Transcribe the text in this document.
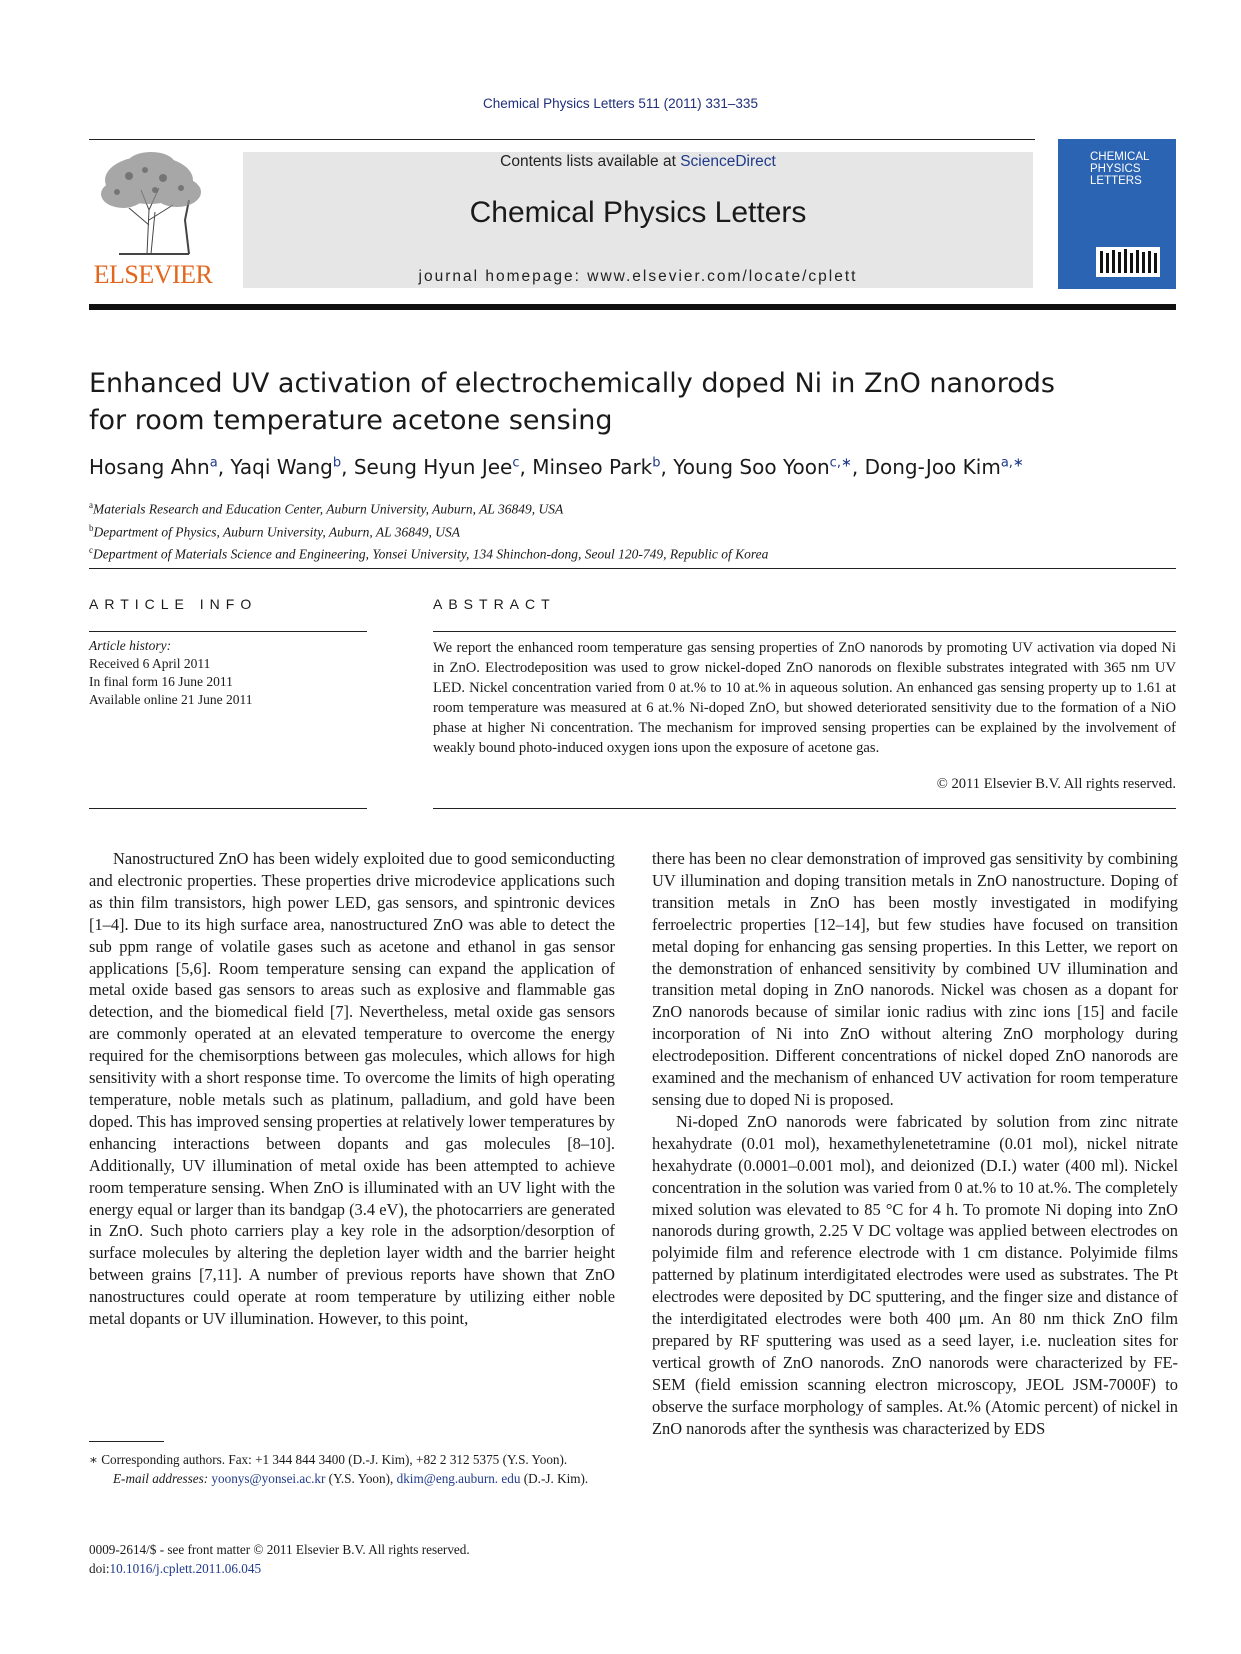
Chemical Physics Letters 511 (2011) 331–335
ELSEVIER
Contents lists available at ScienceDirect
Chemical Physics Letters
journal homepage: www.elsevier.com/locate/cplett
CHEMICAL
PHYSICS
LETTERS
Enhanced UV activation of electrochemically doped Ni in ZnO nanorods
for room temperature acetone sensing
Hosang Ahn$^a$, Yaqi Wang$^b$, Seung Hyun Jee$^c$, Minseo Park$^b$, Young Soo Yoon$^{c,∗}$, Dong-Joo Kim$^{a,∗}$
$^a$Materials Research and Education Center, Auburn University, Auburn, AL 36849, USA
$^b$Department of Physics, Auburn University, Auburn, AL 36849, USA
$^c$Department of Materials Science and Engineering, Yonsei University, 134 Shinchon-dong, Seoul 120-749, Republic of Korea
ARTICLE INFO	ABSTRACT
Article history:
Received 6 April 2011
In final form 16 June 2011
Available online 21 June 2011
We report the enhanced room temperature gas sensing properties of ZnO nanorods by promoting UV activation via doped Ni in ZnO. Electrodeposition was used to grow nickel-doped ZnO nanorods on flexible substrates integrated with 365 nm UV LED. Nickel concentration varied from 0 at.% to 10 at.% in aqueous solution. An enhanced gas sensing property up to 1.61 at room temperature was measured at 6 at.% Ni-doped ZnO, but showed deteriorated sensitivity due to the formation of a NiO phase at higher Ni concentration. The mechanism for improved sensing properties can be explained by the involvement of weakly bound photo-induced oxygen ions upon the exposure of acetone gas.
© 2011 Elsevier B.V. All rights reserved.

Nanostructured ZnO has been widely exploited due to good semiconducting and electronic properties. These properties drive microdevice applications such as thin film transistors, high power LED, gas sensors, and spintronic devices [1–4]. Due to its high surface area, nanostructured ZnO was able to detect the sub ppm range of volatile gases such as acetone and ethanol in gas sensor applications [5,6]. Room temperature sensing can expand the application of metal oxide based gas sensors to areas such as explosive and flammable gas detection, and the biomedical field [7]. Nevertheless, metal oxide gas sensors are commonly operated at an elevated temperature to overcome the energy required for the chemisorptions between gas molecules, which allows for high sensitivity with a short response time. To overcome the limits of high operating temperature, noble metals such as platinum, palladium, and gold have been doped. This has improved sensing properties at relatively lower temperatures by enhancing interactions between dopants and gas molecules [8–10]. Additionally, UV illumination of metal oxide has been attempted to achieve room temperature sensing. When ZnO is illuminated with an UV light with the energy equal or larger than its bandgap (3.4 eV), the photocarriers are generated in ZnO. Such photo carriers play a key role in the adsorption/desorption of surface molecules by altering the depletion layer width and the barrier height between grains [7,11]. A number of previous reports have shown that ZnO nanostructures could operate at room temperature by utilizing either noble metal dopants or UV illumination. However, to this point,

there has been no clear demonstration of improved gas sensitivity by combining UV illumination and doping transition metals in ZnO nanostructure. Doping of transition metals in ZnO has been mostly investigated in modifying ferroelectric properties [12–14], but few studies have focused on transition metal doping for enhancing gas sensing properties. In this Letter, we report on the demonstration of enhanced sensitivity by combined UV illumination and transition metal doping in ZnO nanorods. Nickel was chosen as a dopant for ZnO nanorods because of similar ionic radius with zinc ions [15] and facile incorporation of Ni into ZnO without altering ZnO morphology during electrodeposition. Different concentrations of nickel doped ZnO nanorods are examined and the mechanism of enhanced UV activation for room temperature sensing due to doped Ni is proposed.

Ni-doped ZnO nanorods were fabricated by solution from zinc nitrate hexahydrate (0.01 mol), hexamethylenetetramine (0.01 mol), nickel nitrate hexahydrate (0.0001–0.001 mol), and deionized (D.I.) water (400 ml). Nickel concentration in the solution was varied from 0 at.% to 10 at.%. The completely mixed solution was elevated to 85 °C for 4 h. To promote Ni doping into ZnO nanorods during growth, 2.25 V DC voltage was applied between electrodes on polyimide film and reference electrode with 1 cm distance. Polyimide films patterned by platinum interdigitated electrodes were used as substrates. The Pt electrodes were deposited by DC sputtering, and the finger size and distance of the interdigitated electrodes were both 400 μm. An 80 nm thick ZnO film prepared by RF sputtering was used as a seed layer, i.e. nucleation sites for vertical growth of ZnO nanorods. ZnO nanorods were characterized by FE-SEM (field emission scanning electron microscopy, JEOL JSM-7000F) to observe the surface morphology of samples. At.% (Atomic percent) of nickel in ZnO nanorods after the synthesis was characterized by EDS

∗ Corresponding authors. Fax: +1 344 844 3400 (D.-J. Kim), +82 2 312 5375 (Y.S. Yoon).

E-mail addresses: yoonys@yonsei.ac.kr (Y.S. Yoon), dkim@eng.auburn. edu (D.-J. Kim).

0009-2614/$ - see front matter © 2011 Elsevier B.V. All rights reserved.

doi:10.1016/j.cplett.2011.06.045
